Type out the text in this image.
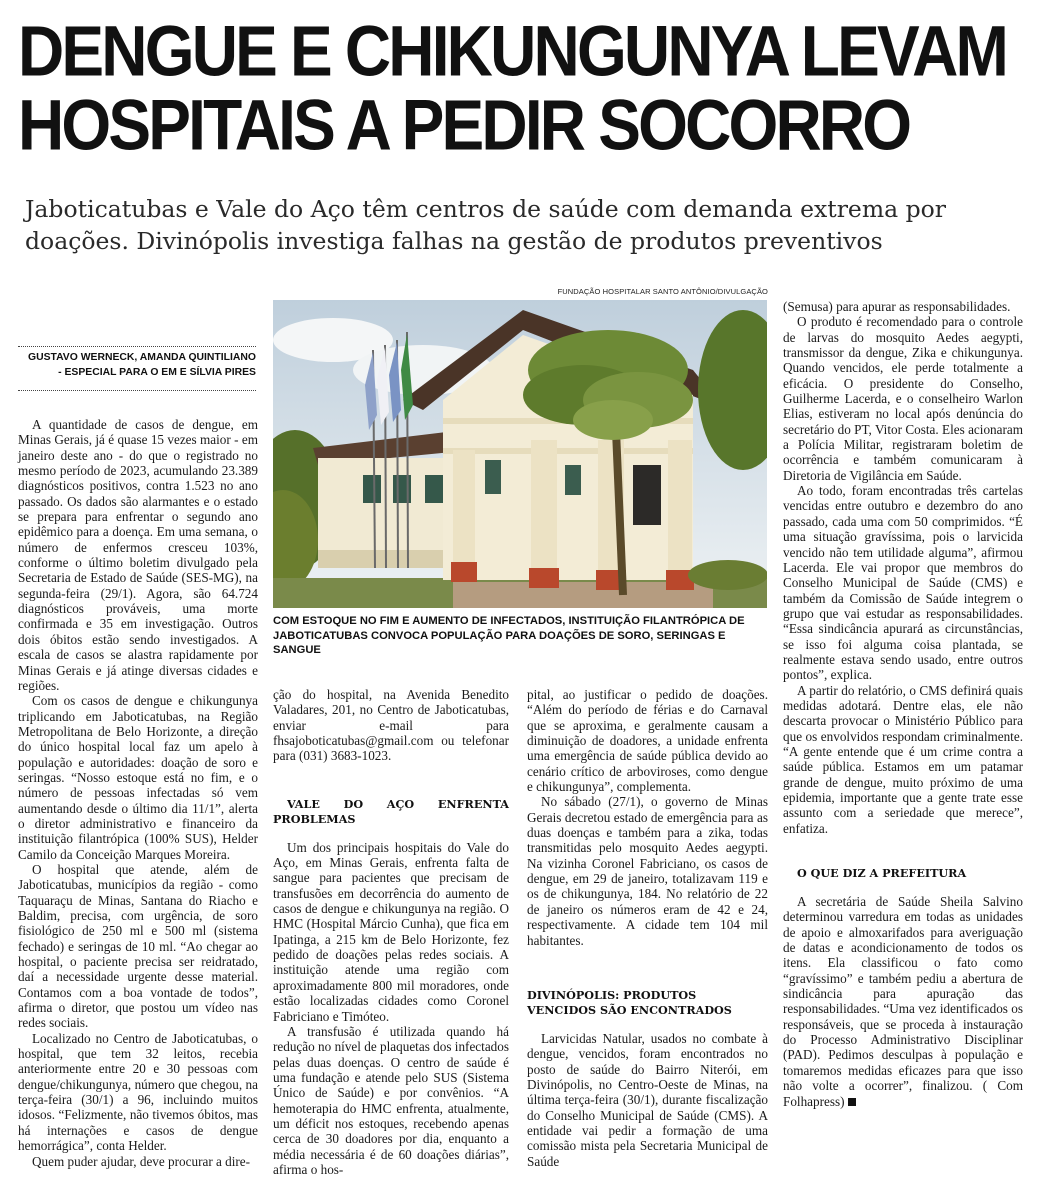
DENGUE E CHIKUNGUNYA LEVAM
HOSPITAIS A PEDIR SOCORRO
Jaboticatubas e Vale do Aço têm centros de saúde com demanda extrema por doações. Divinópolis investiga falhas na gestão de produtos preventivos
FUNDAÇÃO HOSPITALAR SANTO ANTÔNIO/DIVULGAÇÃO
COM ESTOQUE NO FIM E AUMENTO DE INFECTADOS, INSTITUIÇÃO FILANTRÓPICA DE JABOTICATUBAS CONVOCA POPULAÇÃO PARA DOAÇÕES DE SORO, SERINGAS E SANGUE
GUSTAVO WERNECK, AMANDA QUINTILIANO
- ESPECIAL PARA O EM E SÍLVIA PIRES

A quantidade de casos de dengue, em Minas Gerais, já é quase 15 vezes maior - em janeiro deste ano - do que o registrado no mesmo período de 2023, acumulando 23.389 diagnósticos positivos, contra 1.523 no ano passado. Os dados são alarmantes e o estado se prepara para enfrentar o segundo ano epidêmico para a doença. Em uma semana, o número de enfermos cresceu 103%, conforme o último boletim divulgado pela Secretaria de Estado de Saúde (SES-MG), na segunda-feira (29/1). Agora, são 64.724 diagnósticos prováveis, uma morte confirmada e 35 em investigação. Outros dois óbitos estão sendo investigados. A escala de casos se alastra rapidamente por Minas Gerais e já atinge diversas cidades e regiões.

Com os casos de dengue e chikungunya triplicando em Jaboticatubas, na Região Metropolitana de Belo Horizonte, a direção do único hospital local faz um apelo à população e autoridades: doação de soro e seringas. “Nosso estoque está no fim, e o número de pessoas infectadas só vem aumentando desde o último dia 11/1”, alerta o diretor administrativo e financeiro da instituição filantrópica (100% SUS), Helder Camilo da Conceição Marques Moreira.

O hospital que atende, além de Jaboticatubas, municípios da região - como Taquaraçu de Minas, Santana do Riacho e Baldim, precisa, com urgência, de soro fisiológico de 250 ml e 500 ml (sistema fechado) e seringas de 10 ml. “Ao chegar ao hospital, o paciente precisa ser reidratado, daí a necessidade urgente desse material. Contamos com a boa vontade de todos”, afirma o diretor, que postou um vídeo nas redes sociais.

Localizado no Centro de Jaboticatubas, o hospital, que tem 32 leitos, recebia anteriormente entre 20 e 30 pessoas com dengue/chikungunya, número que chegou, na terça-feira (30/1) a 96, incluindo muitos idosos. “Felizmente, não tivemos óbitos, mas há internações e casos de dengue hemorrágica”, conta Helder.

Quem puder ajudar, deve procurar a dire-

ção do hospital, na Avenida Benedito Valadares, 201, no Centro de Jaboticatubas, enviar e-mail para fhsajoboticatubas@gmail.com ou telefonar para (031) 3683-1023.

VALE DO AÇO ENFRENTA PROBLEMAS

Um dos principais hospitais do Vale do Aço, em Minas Gerais, enfrenta falta de sangue para pacientes que precisam de transfusões em decorrência do aumento de casos de dengue e chikungunya na região. O HMC (Hospital Márcio Cunha), que fica em Ipatinga, a 215 km de Belo Horizonte, fez pedido de doações pelas redes sociais. A instituição atende uma região com aproximadamente 800 mil moradores, onde estão localizadas cidades como Coronel Fabriciano e Timóteo.

A transfusão é utilizada quando há redução no nível de plaquetas dos infectados pelas duas doenças. O centro de saúde é uma fundação e atende pelo SUS (Sistema Único de Saúde) e por convênios. “A hemoterapia do HMC enfrenta, atualmente, um déficit nos estoques, recebendo apenas cerca de 30 doadores por dia, enquanto a média necessária é de 60 doações diárias”, afirma o hos-

pital, ao justificar o pedido de doações. “Além do período de férias e do Carnaval que se aproxima, e geralmente causam a diminuição de doadores, a unidade enfrenta uma emergência de saúde pública devido ao cenário crítico de arboviroses, como dengue e chikungunya”, complementa.

No sábado (27/1), o governo de Minas Gerais decretou estado de emergência para as duas doenças e também para a zika, todas transmitidas pelo mosquito Aedes aegypti. Na vizinha Coronel Fabriciano, os casos de dengue, em 29 de janeiro, totalizavam 119 e os de chikungunya, 184. No relatório de 22 de janeiro os números eram de 42 e 24, respectivamente. A cidade tem 104 mil habitantes.

DIVINÓPOLIS: PRODUTOS
VENCIDOS SÃO ENCONTRADOS

Larvicidas Natular, usados no combate à dengue, vencidos, foram encontrados no posto de saúde do Bairro Niterói, em Divinópolis, no Centro-Oeste de Minas, na última terça-feira (30/1), durante fiscalização do Conselho Municipal de Saúde (CMS). A entidade vai pedir a formação de uma comissão mista pela Secretaria Municipal de Saúde

(Semusa) para apurar as responsabilidades.

O produto é recomendado para o controle de larvas do mosquito Aedes aegypti, transmissor da dengue, Zika e chikungunya. Quando vencidos, ele perde totalmente a eficácia. O presidente do Conselho, Guilherme Lacerda, e o conselheiro Warlon Elias, estiveram no local após denúncia do secretário do PT, Vitor Costa. Eles acionaram a Polícia Militar, registraram boletim de ocorrência e também comunicaram à Diretoria de Vigilância em Saúde.

Ao todo, foram encontradas três cartelas vencidas entre outubro e dezembro do ano passado, cada uma com 50 comprimidos. “É uma situação gravíssima, pois o larvicida vencido não tem utilidade alguma”, afirmou Lacerda. Ele vai propor que membros do Conselho Municipal de Saúde (CMS) e também da Comissão de Saúde integrem o grupo que vai estudar as responsabilidades. “Essa sindicância apurará as circunstâncias, se isso foi alguma coisa plantada, se realmente estava sendo usado, entre outros pontos”, explica.

A partir do relatório, o CMS definirá quais medidas adotará. Dentre elas, ele não descarta provocar o Ministério Público para que os envolvidos respondam criminalmente. “A gente entende que é um crime contra a saúde pública. Estamos em um patamar grande de dengue, muito próximo de uma epidemia, importante que a gente trate esse assunto com a seriedade que merece”, enfatiza.

O QUE DIZ A PREFEITURA

A secretária de Saúde Sheila Salvino determinou varredura em todas as unidades de apoio e almoxarifados para averiguação de datas e acondicionamento de todos os itens. Ela classificou o fato como “gravíssimo” e também pediu a abertura de sindicância para apuração das responsabilidades. “Uma vez identificados os responsáveis, que se proceda à instauração do Processo Administrativo Disciplinar (PAD). Pedimos desculpas à população e tomaremos medidas eficazes para que isso não volte a ocorrer”, finalizou. ( Com Folhapress)
